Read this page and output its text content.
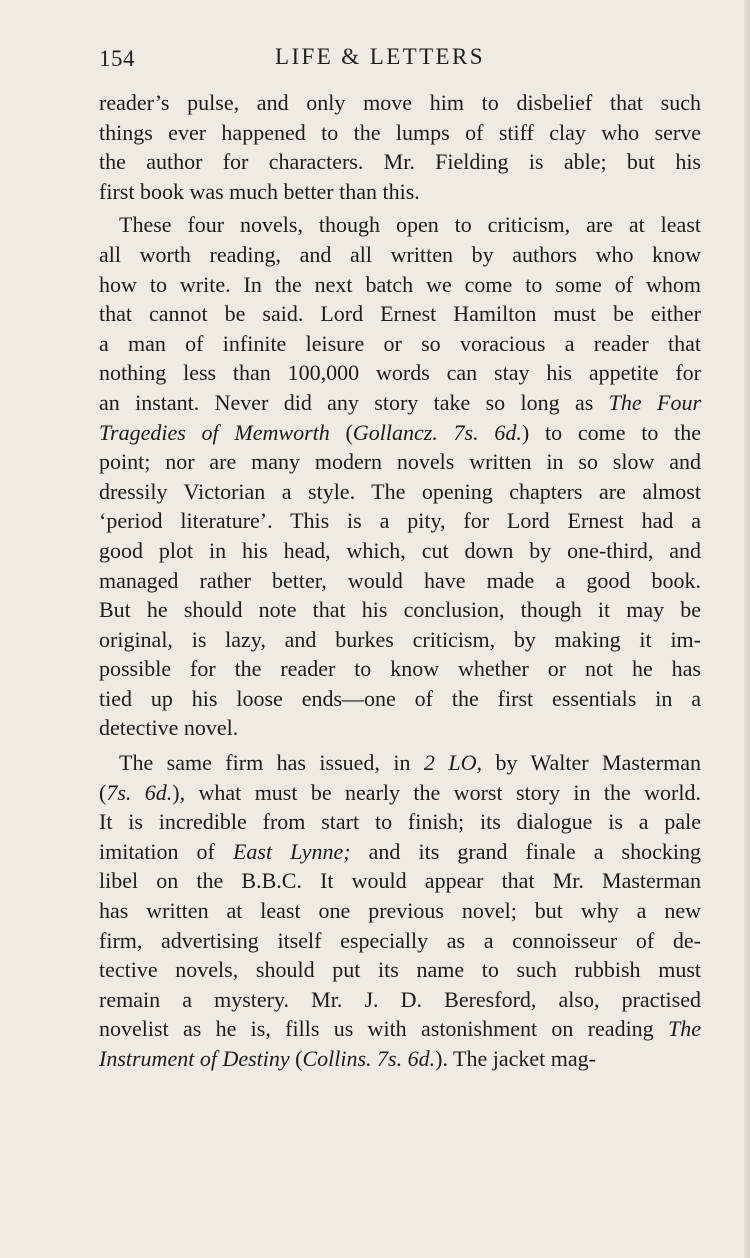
154	LIFE & LETTERS
reader’s pulse, and only move him to disbelief that such
things ever happened to the lumps of stiff clay who serve
the author for characters. Mr. Fielding is able; but his
first book was much better than this.
These four novels, though open to criticism, are at least
all worth reading, and all written by authors who know
how to write. In the next batch we come to some of whom
that cannot be said. Lord Ernest Hamilton must be either
a man of infinite leisure or so voracious a reader that
nothing less than 100,000 words can stay his appetite for
an instant. Never did any story take so long as The Four
Tragedies of Memworth (Gollancz. 7s. 6d.) to come to the
point; nor are many modern novels written in so slow and
dressily Victorian a style. The opening chapters are almost
‘period literature’. This is a pity, for Lord Ernest had a
good plot in his head, which, cut down by one-third, and
managed rather better, would have made a good book.
But he should note that his conclusion, though it may be
original, is lazy, and burkes criticism, by making it im-
possible for the reader to know whether or not he has
tied up his loose ends—one of the first essentials in a
detective novel.
The same firm has issued, in 2 LO, by Walter Masterman
(7s. 6d.), what must be nearly the worst story in the world.
It is incredible from start to finish; its dialogue is a pale
imitation of East Lynne; and its grand finale a shocking
libel on the B.B.C. It would appear that Mr. Masterman
has written at least one previous novel; but why a new
firm, advertising itself especially as a connoisseur of de-
tective novels, should put its name to such rubbish must
remain a mystery. Mr. J. D. Beresford, also, practised
novelist as he is, fills us with astonishment on reading The
Instrument of Destiny (Collins. 7s. 6d.). The jacket mag-
